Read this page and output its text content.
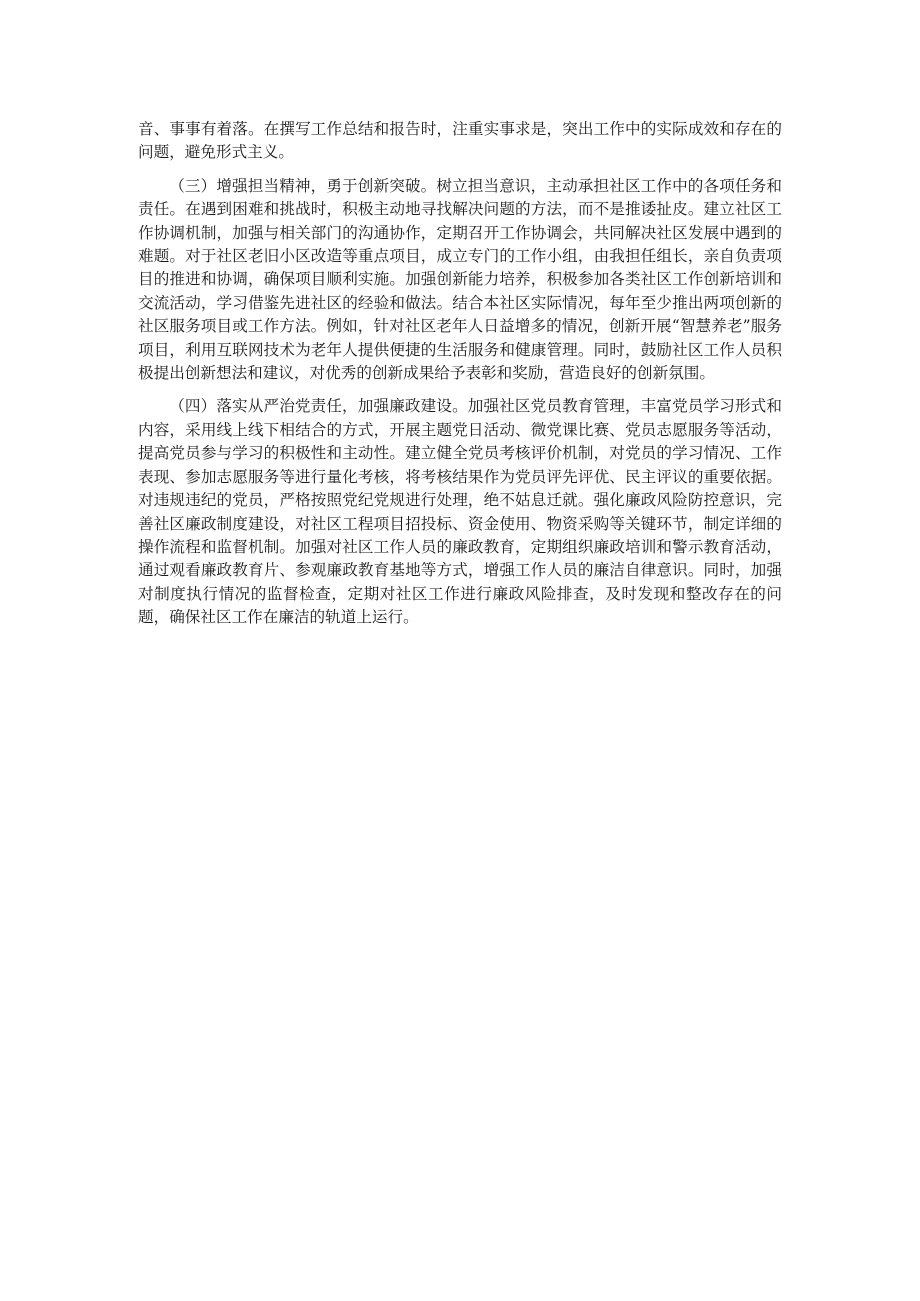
音、事事有着落。在撰写工作总结和报告时，注重实事求是，突出工作中的实际成效和存在的问题，避免形式主义。

（三）增强担当精神，勇于创新突破。树立担当意识，主动承担社区工作中的各项任务和责任。在遇到困难和挑战时，积极主动地寻找解决问题的方法，而不是推诿扯皮。建立社区工作协调机制，加强与相关部门的沟通协作，定期召开工作协调会，共同解决社区发展中遇到的难题。对于社区老旧小区改造等重点项目，成立专门的工作小组，由我担任组长，亲自负责项目的推进和协调，确保项目顺利实施。加强创新能力培养，积极参加各类社区工作创新培训和交流活动，学习借鉴先进社区的经验和做法。结合本社区实际情况，每年至少推出两项创新的社区服务项目或工作方法。例如，针对社区老年人日益增多的情况，创新开展“智慧养老”服务项目，利用互联网技术为老年人提供便捷的生活服务和健康管理。同时，鼓励社区工作人员积极提出创新想法和建议，对优秀的创新成果给予表彰和奖励，营造良好的创新氛围。

（四）落实从严治党责任，加强廉政建设。加强社区党员教育管理，丰富党员学习形式和内容，采用线上线下相结合的方式，开展主题党日活动、微党课比赛、党员志愿服务等活动，提高党员参与学习的积极性和主动性。建立健全党员考核评价机制，对党员的学习情况、工作表现、参加志愿服务等进行量化考核，将考核结果作为党员评先评优、民主评议的重要依据。对违规违纪的党员，严格按照党纪党规进行处理，绝不姑息迁就。强化廉政风险防控意识，完善社区廉政制度建设，对社区工程项目招投标、资金使用、物资采购等关键环节，制定详细的操作流程和监督机制。加强对社区工作人员的廉政教育，定期组织廉政培训和警示教育活动，通过观看廉政教育片、参观廉政教育基地等方式，增强工作人员的廉洁自律意识。同时，加强对制度执行情况的监督检查，定期对社区工作进行廉政风险排查，及时发现和整改存在的问题，确保社区工作在廉洁的轨道上运行。
